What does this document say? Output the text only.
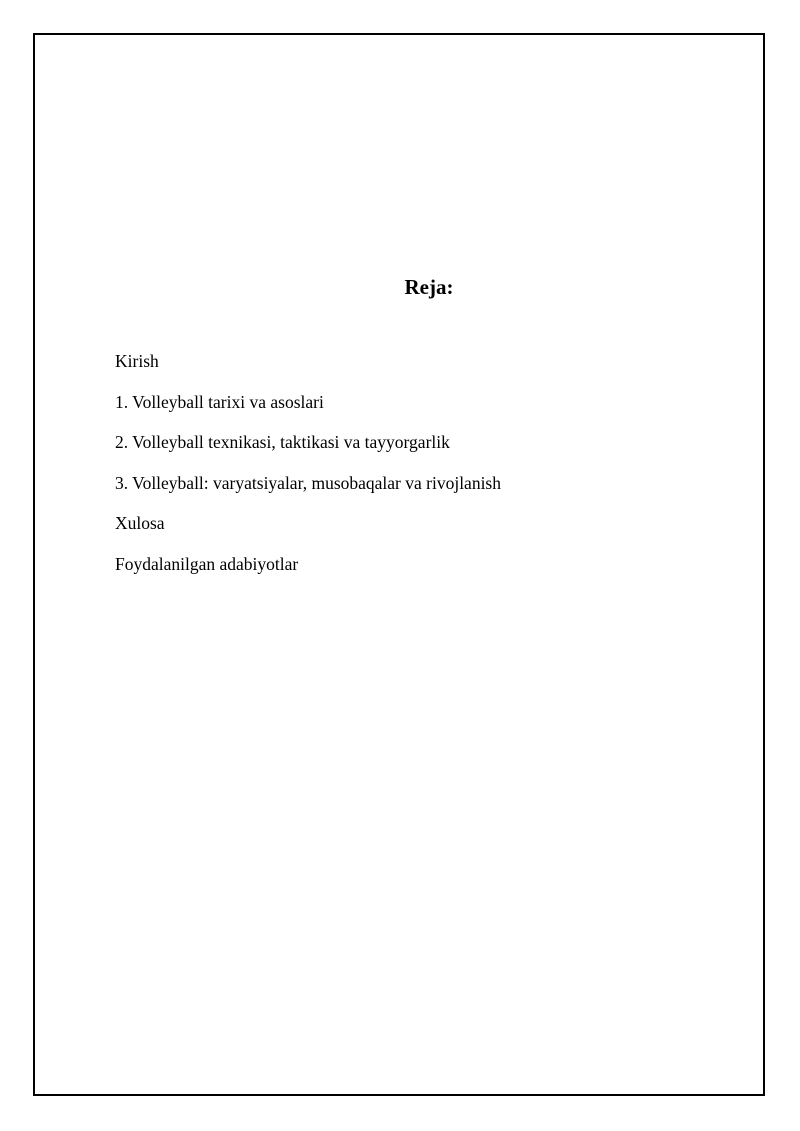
Reja:
Kirish
1. Volleyball tarixi va asoslari
2. Volleyball texnikasi, taktikasi va tayyorgarlik
3. Volleyball: varyatsiyalar, musobaqalar va rivojlanish
Xulosa
Foydalanilgan adabiyotlar
